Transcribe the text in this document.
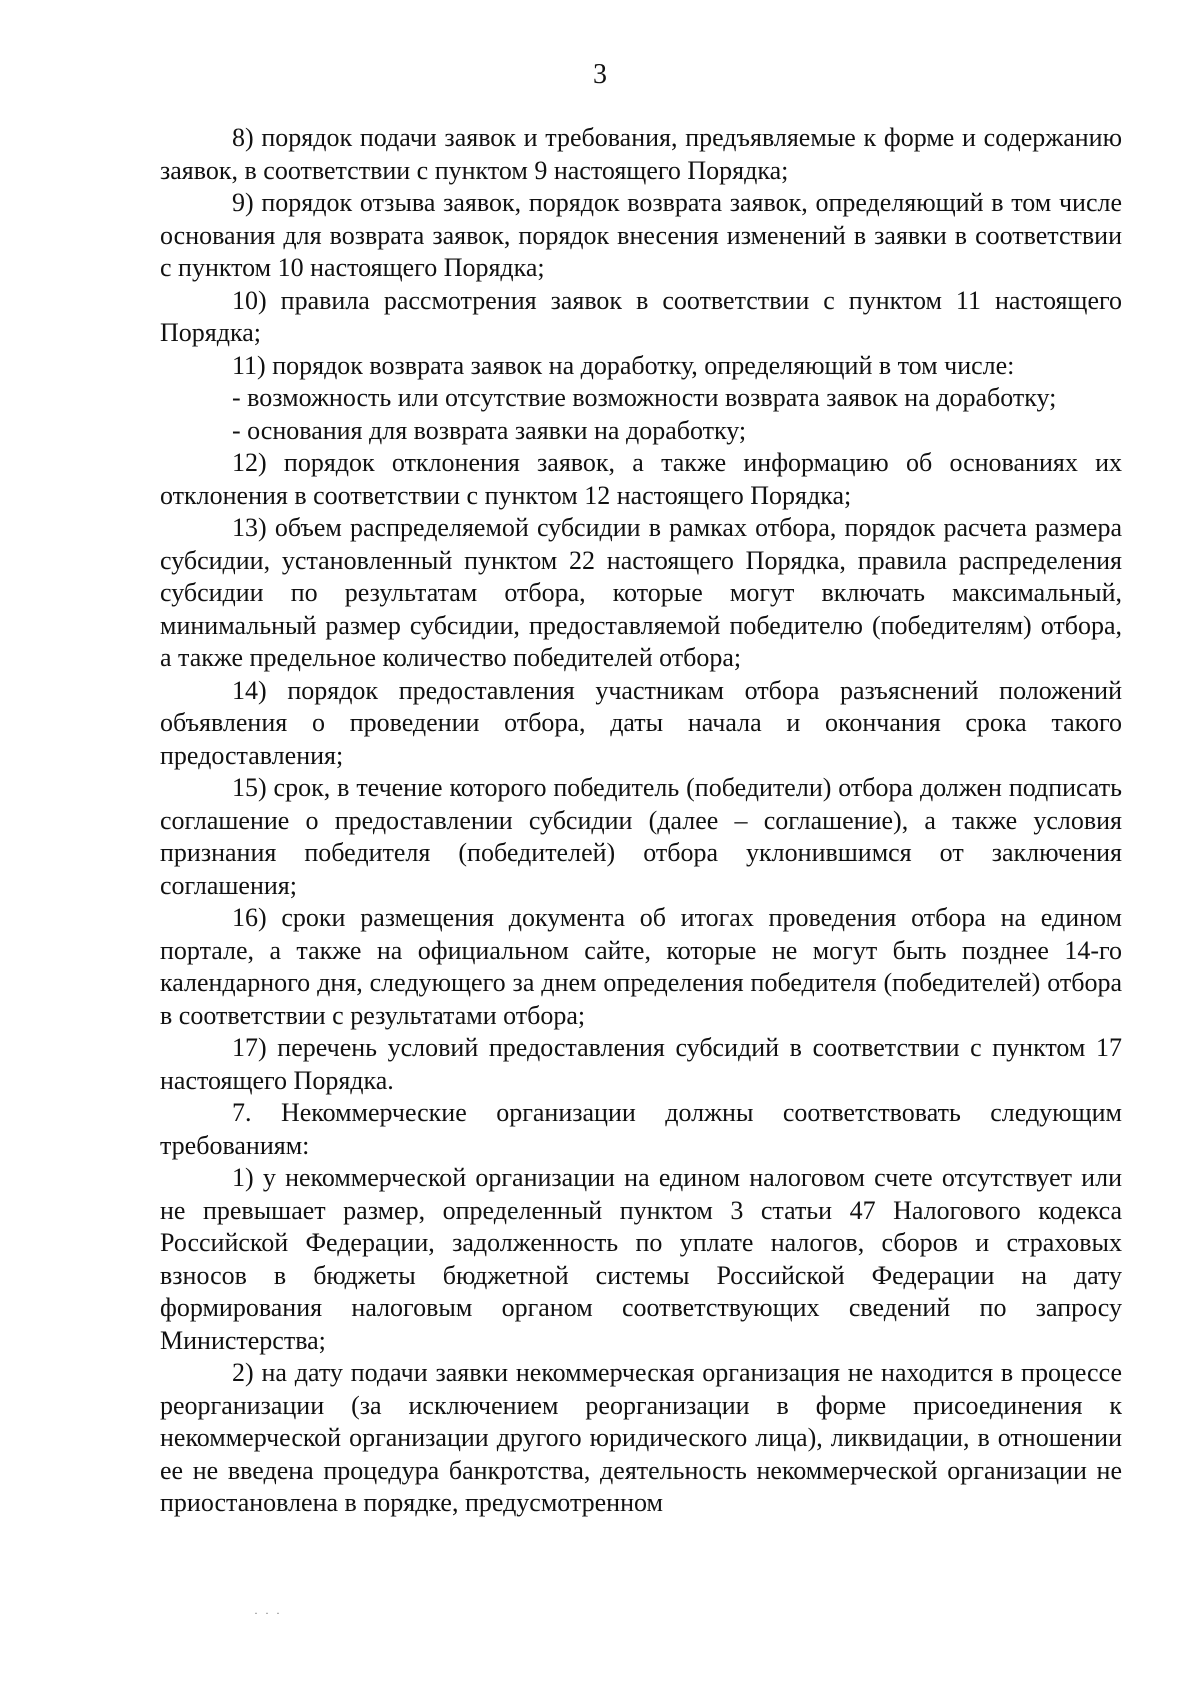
3

8) порядок подачи заявок и требования, предъявляемые к форме и содержанию заявок, в соответствии с пунктом 9 настоящего Порядка;

9) порядок отзыва заявок, порядок возврата заявок, определяющий в том числе основания для возврата заявок, порядок внесения изменений в заявки в соответствии с пунктом 10 настоящего Порядка;

10) правила рассмотрения заявок в соответствии с пунктом 11 настоящего Порядка;

11) порядок возврата заявок на доработку, определяющий в том числе:

- возможность или отсутствие возможности возврата заявок на доработку;

- основания для возврата заявки на доработку;

12) порядок отклонения заявок, а также информацию об основаниях их отклонения в соответствии с пунктом 12 настоящего Порядка;

13) объем распределяемой субсидии в рамках отбора, порядок расчета размера субсидии, установленный пунктом 22 настоящего Порядка, правила распределения субсидии по результатам отбора, которые могут включать максимальный, минимальный размер субсидии, предоставляемой победителю (победителям) отбора, а также предельное количество победителей отбора;

14) порядок предоставления участникам отбора разъяснений положений объявления о проведении отбора, даты начала и окончания срока такого предоставления;

15) срок, в течение которого победитель (победители) отбора должен подписать соглашение о предоставлении субсидии (далее – соглашение), а также условия признания победителя (победителей) отбора уклонившимся от заключения соглашения;

16) сроки размещения документа об итогах проведения отбора на едином портале, а также на официальном сайте, которые не могут быть позднее 14-го календарного дня, следующего за днем определения победителя (победителей) отбора в соответствии с результатами отбора;

17) перечень условий предоставления субсидий в соответствии с пунктом 17 настоящего Порядка.

7. Некоммерческие организации должны соответствовать следующим требованиям:

1) у некоммерческой организации на едином налоговом счете отсутствует или не превышает размер, определенный пунктом 3 статьи 47 Налогового кодекса Российской Федерации, задолженность по уплате налогов, сборов и страховых взносов в бюджеты бюджетной системы Российской Федерации на дату формирования налоговым органом соответствующих сведений по запросу Министерства;

2) на дату подачи заявки некоммерческая организация не находится в процессе реорганизации (за исключением реорганизации в форме присоединения к некоммерческой организации другого юридического лица), ликвидации, в отношении ее не введена процедура банкротства, деятельность некоммерческой организации не приостановлена в порядке, предусмотренном

· · ·
